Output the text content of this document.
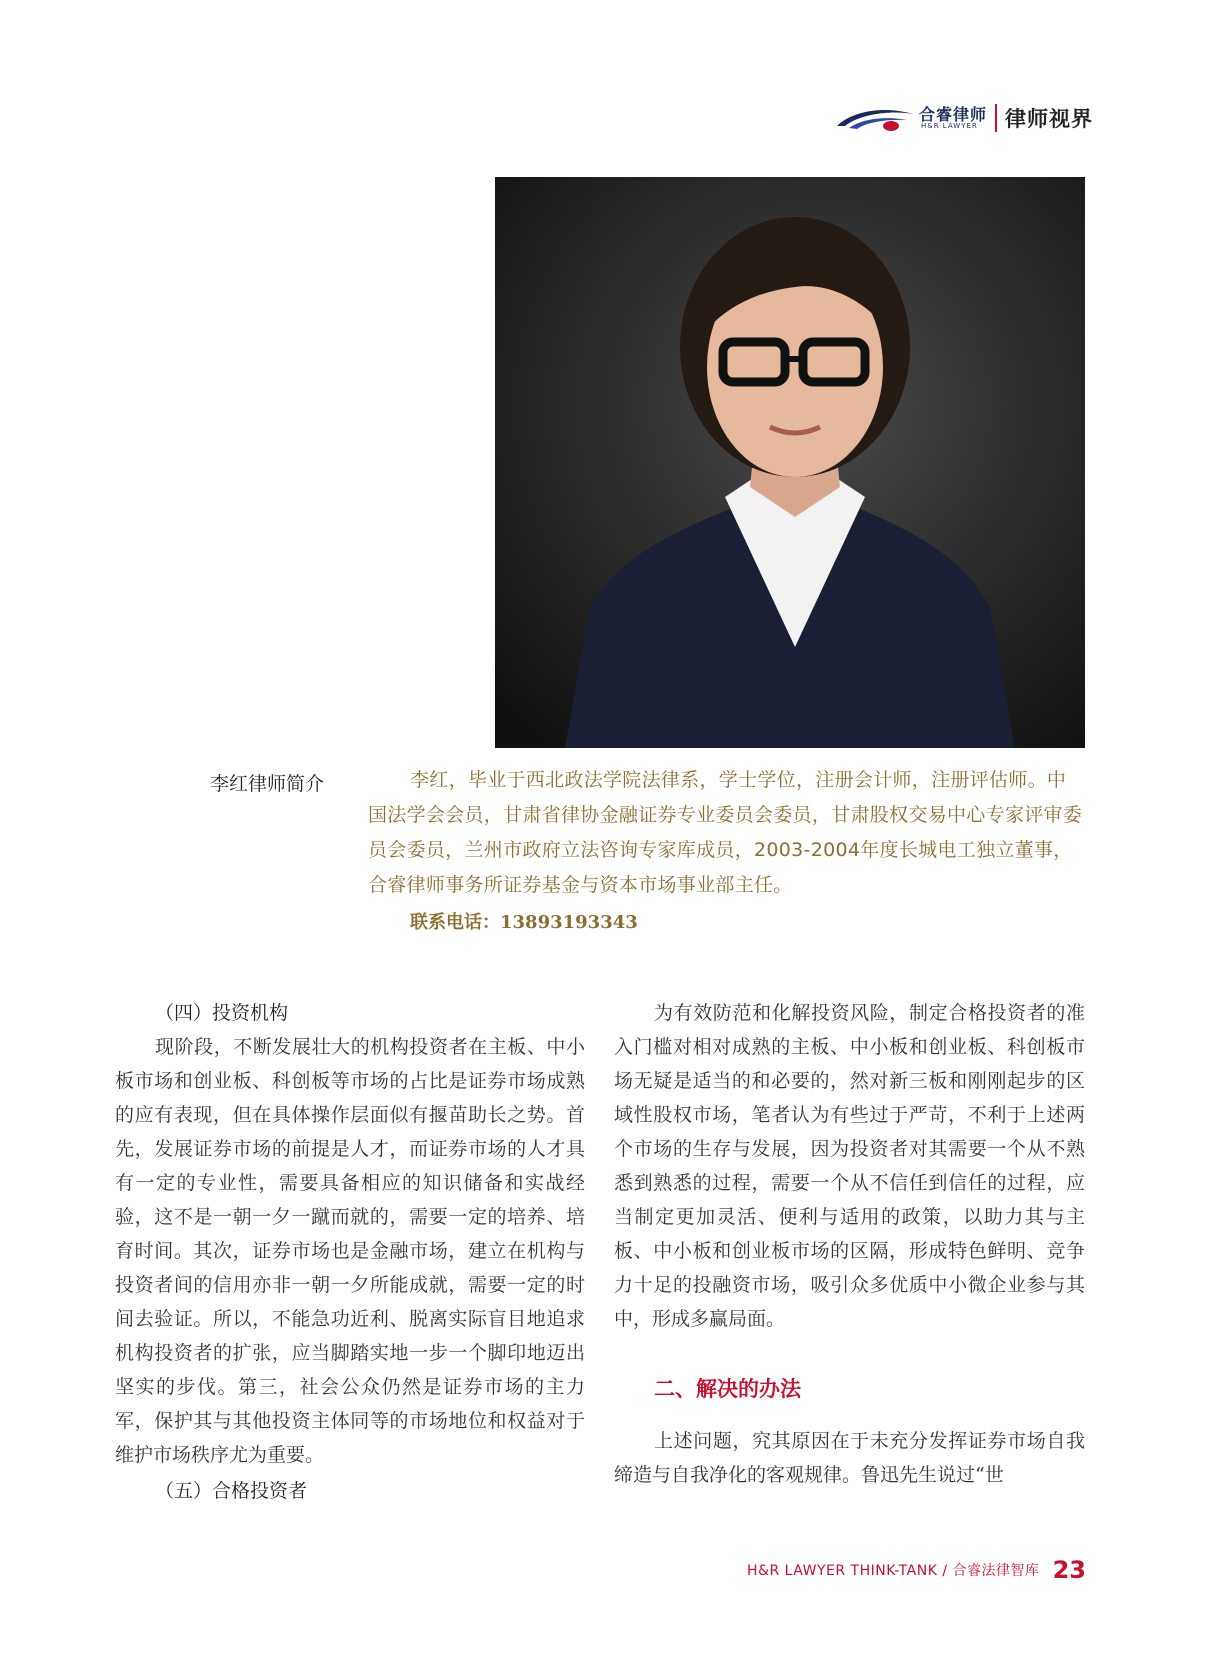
合睿律师
H&R LAWYER 律师视界
李红律师简介	李红，毕业于西北政法学院法律系，学士学位，注册会计师，注册评估师。中国法学会会员，甘肃省律协金融证券专业委员会委员，甘肃股权交易中心专家评审委员会委员，兰州市政府立法咨询专家库成员，2003-2004年度长城电工独立董事，合睿律师事务所证券基金与资本市场事业部主任。
联系电话：13893193343
（四）投资机构

现阶段，不断发展壮大的机构投资者在主板、中小板市场和创业板、科创板等市场的占比是证券市场成熟的应有表现，但在具体操作层面似有揠苗助长之势。首先，发展证券市场的前提是人才，而证券市场的人才具有一定的专业性，需要具备相应的知识储备和实战经验，这不是一朝一夕一蹴而就的，需要一定的培养、培育时间。其次，证券市场也是金融市场，建立在机构与投资者间的信用亦非一朝一夕所能成就，需要一定的时间去验证。所以，不能急功近利、脱离实际盲目地追求机构投资者的扩张，应当脚踏实地一步一个脚印地迈出坚实的步伐。第三，社会公众仍然是证券市场的主力军，保护其与其他投资主体同等的市场地位和权益对于维护市场秩序尤为重要。

（五）合格投资者

为有效防范和化解投资风险，制定合格投资者的准入门槛对相对成熟的主板、中小板和创业板、科创板市场无疑是适当的和必要的，然对新三板和刚刚起步的区域性股权市场，笔者认为有些过于严苛，不利于上述两个市场的生存与发展，因为投资者对其需要一个从不熟悉到熟悉的过程，需要一个从不信任到信任的过程，应当制定更加灵活、便利与适用的政策，以助力其与主板、中小板和创业板市场的区隔，形成特色鲜明、竞争力十足的投融资市场，吸引众多优质中小微企业参与其中，形成多赢局面。

二、解决的办法

上述问题，究其原因在于未充分发挥证券市场自我缔造与自我净化的客观规律。鲁迅先生说过“世

H&R LAWYER THINK-TANK / 合睿法律智库 23
